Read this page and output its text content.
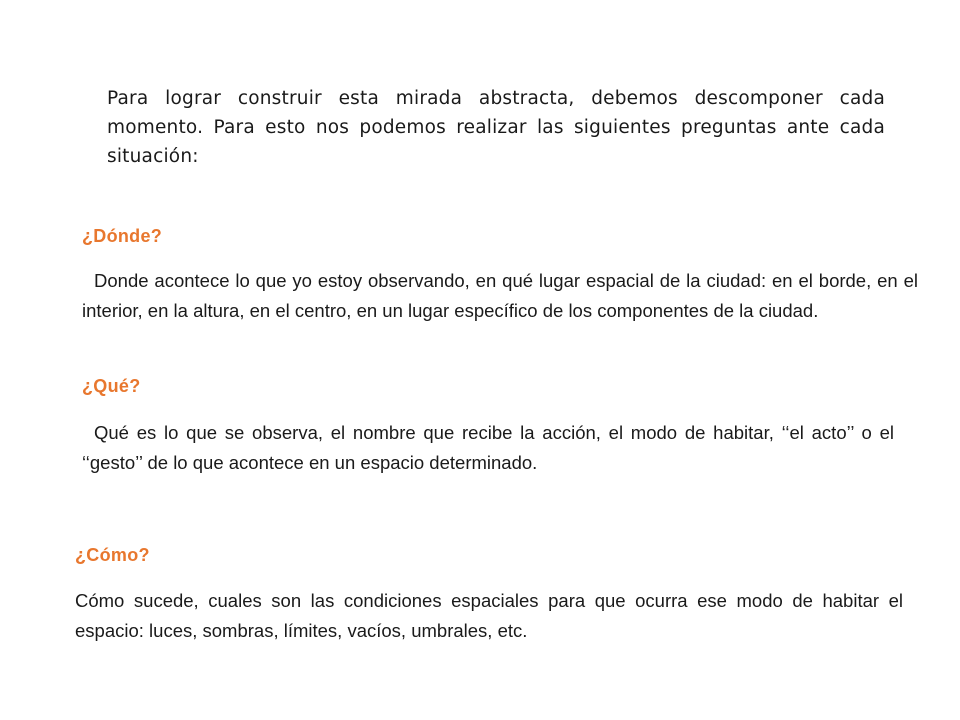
Para lograr construir esta mirada abstracta, debemos descomponer cada momento. Para esto nos podemos realizar las siguientes preguntas ante cada situación:

¿Dónde?

Donde acontece lo que yo estoy observando, en qué lugar espacial de la ciudad: en el borde, en el interior, en la altura, en el centro, en un lugar específico de los componentes de la ciudad.

¿Qué?

Qué es lo que se observa, el nombre que recibe la acción, el modo de habitar, ‘‘el acto’’ o el ‘‘gesto’’ de lo que acontece en un espacio determinado.

¿Cómo?

Cómo sucede, cuales son las condiciones espaciales para que ocurra ese modo de habitar el espacio: luces, sombras, límites, vacíos, umbrales, etc.
